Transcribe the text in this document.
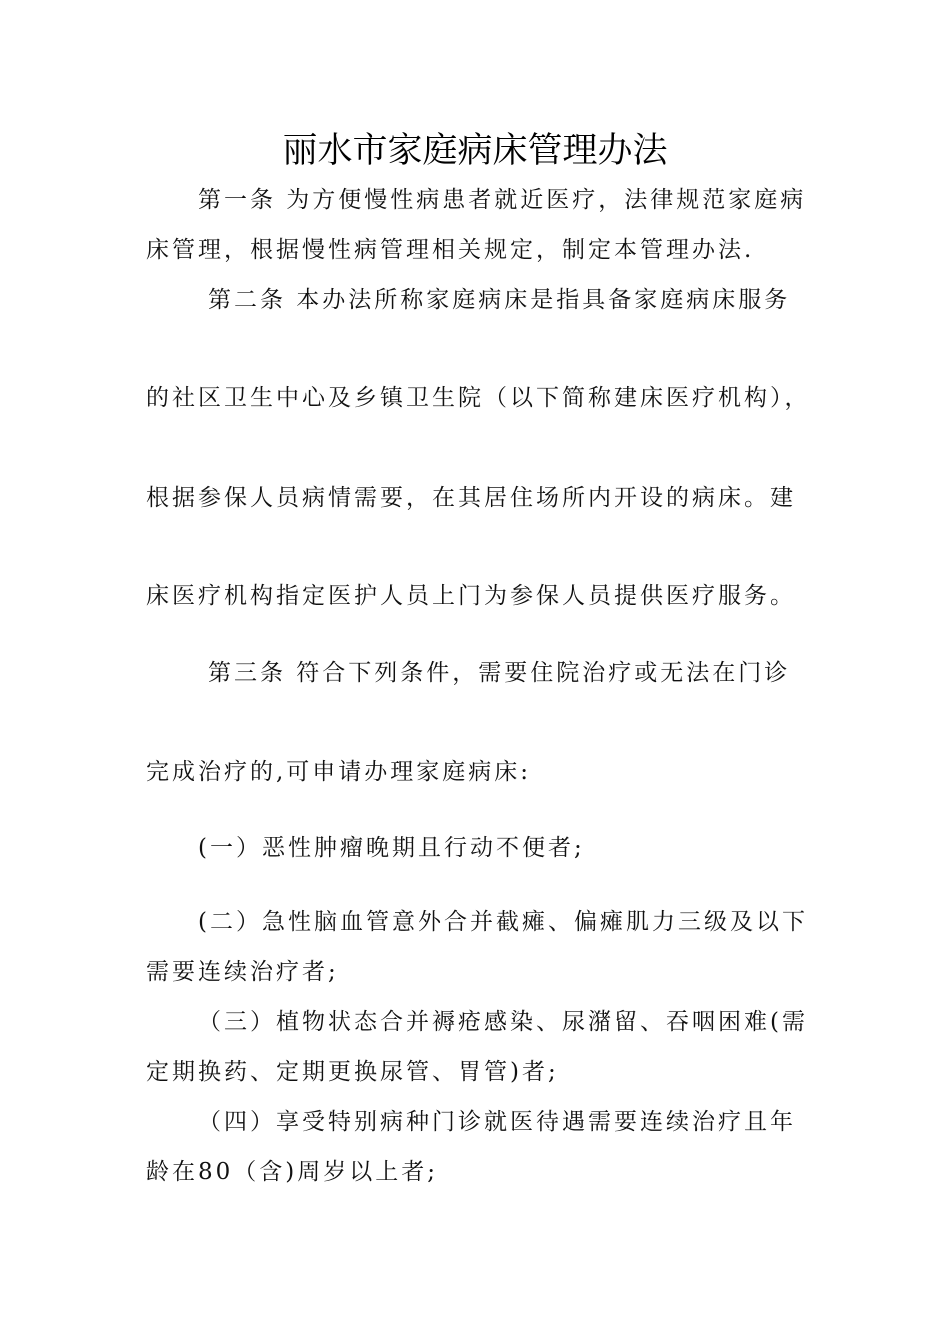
丽水市家庭病床管理办法
第一条 为方便慢性病患者就近医疗，法律规范家庭病
床管理，根据慢性病管理相关规定，制定本管理办法.
第二条 本办法所称家庭病床是指具备家庭病床服务
的社区卫生中心及乡镇卫生院（以下简称建床医疗机构），
根据参保人员病情需要，在其居住场所内开设的病床。建
床医疗机构指定医护人员上门为参保人员提供医疗服务。
第三条 符合下列条件，需要住院治疗或无法在门诊
完成治疗的,可申请办理家庭病床:
(一）恶性肿瘤晚期且行动不便者;
(二）急性脑血管意外合并截瘫、偏瘫肌力三级及以下
需要连续治疗者;
（三）植物状态合并褥疮感染、尿潴留、吞咽困难(需
定期换药、定期更换尿管、胃管)者;
（四）享受特别病种门诊就医待遇需要连续治疗且年
龄在80（含)周岁以上者;
